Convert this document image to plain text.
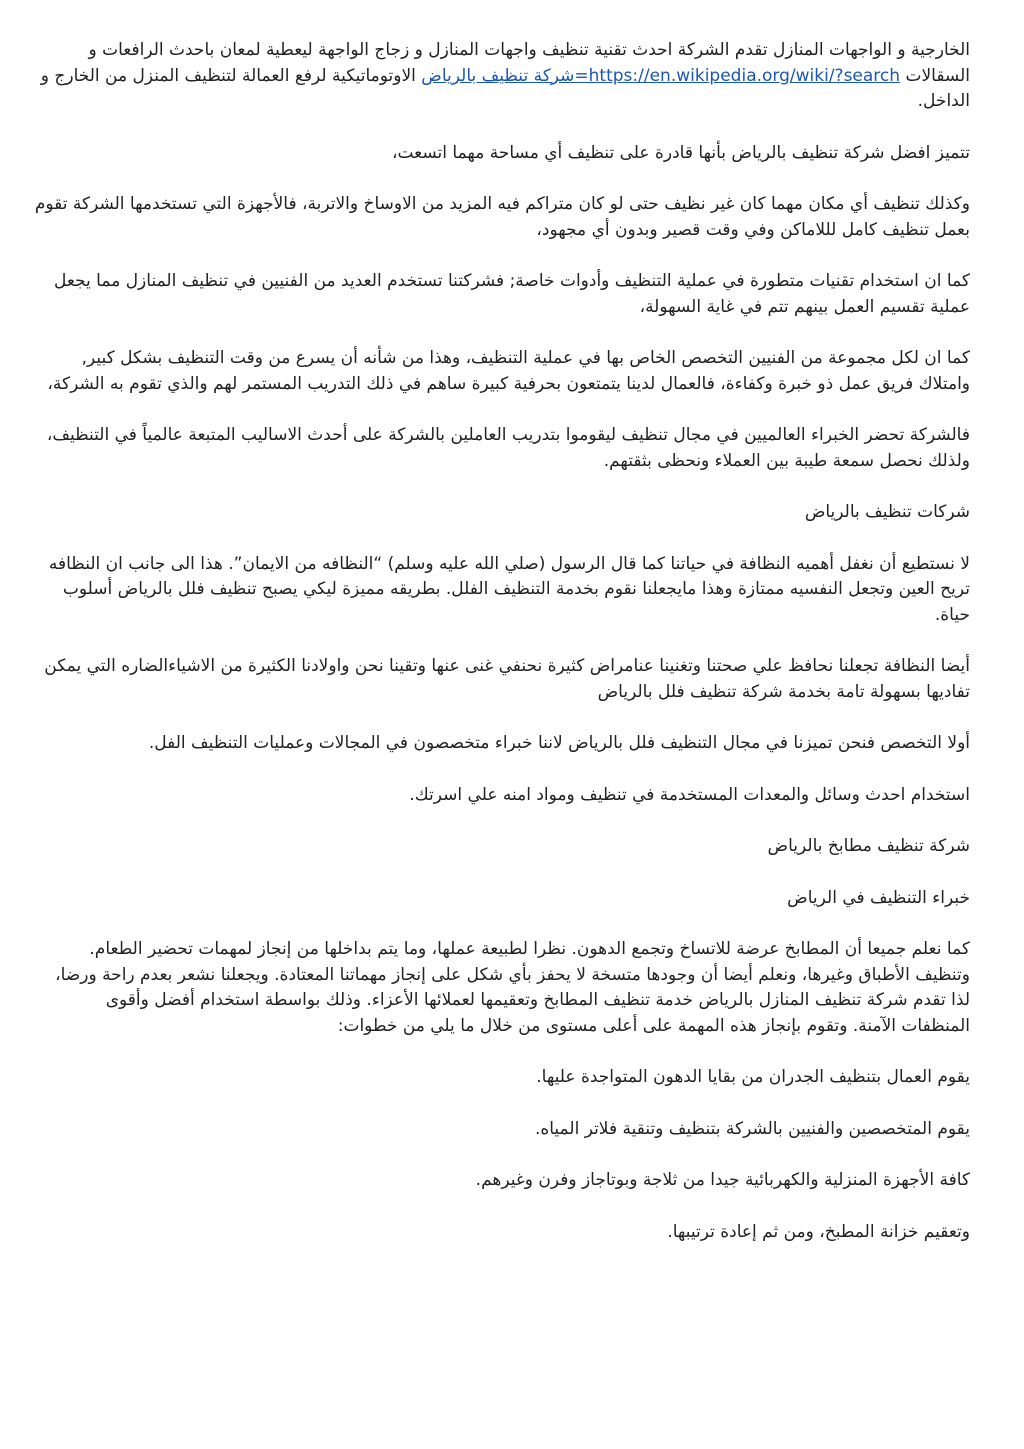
الخارجية و الواجهات المنازل تقدم الشركة احدث تقنية تنظيف واجهات المنازل و زجاج الواجهة ليعطية لمعان باحدث الرافعات و السقالات https://en.wikipedia.org/wiki/?search=شركة تنظيف بالرياض الاوتوماتيكية لرفع العمالة لتنظيف المنزل من الخارج و الداخل.

تتميز افضل شركة تنظيف بالرياض بأنها قادرة على تنظيف أي مساحة مهما اتسعت،

وكذلك تنظيف أي مكان مهما كان غير نظيف حتى لو كان متراكم فيه المزيد من الاوساخ والاتربة، فالأجهزة التي تستخدمها الشركة تقوم بعمل تنظيف كامل لللاماكن وفي وقت قصير وبدون أي مجهود،

كما ان استخدام تقنيات متطورة في عملية التنظيف وأدوات خاصة; فشركتنا تستخدم العديد من الفنيين في تنظيف المنازل مما يجعل عملية تقسيم العمل بينهم تتم في غاية السهولة،

كما ان لكل مجموعة من الفنيين التخصص الخاص بها في عملية التنظيف، وهذا من شأنه أن يسرع من وقت التنظيف بشكل كبير, وامتلاك فريق عمل ذو خبرة وكفاءة، فالعمال لدينا يتمتعون بحرفية كبيرة ساهم في ذلك التدريب المستمر لهم والذي تقوم به الشركة،

فالشركة تحضر الخبراء العالميين في مجال تنظيف ليقوموا بتدريب العاملين بالشركة على أحدث الاساليب المتبعة عالمياً في التنظيف، ولذلك نحصل سمعة طيبة بين العملاء ونحظى بثقتهم.

شركات تنظيف بالرياض

لا نستطيع أن نغفل أهميه النظافة في حياتنا كما قال الرسول (صلي الله عليه وسلم) “النظافه من الايمان”. هذا الى جانب ان النظافه تريح العين وتجعل النفسيه ممتازة وهذا مايجعلنا نقوم بخدمة التنظيف الفلل. بطريقه مميزة ليكي يصبح تنظيف فلل بالرياض أسلوب حياة.

أيضا النظافة تجعلنا نحافظ علي صحتنا وتغنينا عنامراض كثيرة نحنفي غنى عنها وتقينا نحن واولادنا الكثيرة من الاشياءالضاره التي يمكن تفاديها بسهولة تامة بخدمة شركة تنظيف فلل بالرياض

أولا التخصص فنحن تميزنا في مجال التنظيف فلل بالرياض لاننا خبراء متخصصون في المجالات وعمليات التنظيف الفل.

استخدام احدث وسائل والمعدات المستخدمة في تنظيف ومواد امنه علي اسرتك.

شركة تنظيف مطابخ بالرياض

خبراء التنظيف في الرياض

كما نعلم جميعا أن المطابخ عرضة للاتساخ وتجمع الدهون. نظرا لطبيعة عملها، وما يتم بداخلها من إنجاز لمهمات تحضير الطعام. وتنظيف الأطباق وغيرها، ونعلم أيضا أن وجودها متسخة لا يحفز بأي شكل على إنجاز مهماتنا المعتادة. ويجعلنا نشعر بعدم راحة ورضا، لذا تقدم شركة تنظيف المنازل بالرياض خدمة تنظيف المطابخ وتعقيمها لعملائها الأعزاء. وذلك بواسطة استخدام أفضل وأقوى المنظفات الآمنة. وتقوم بإنجاز هذه المهمة على أعلى مستوى من خلال ما يلي من خطوات:

يقوم العمال بتنظيف الجدران من بقايا الدهون المتواجدة عليها.

يقوم المتخصصين والفنيين بالشركة بتنظيف وتنقية فلاتر المياه.

كافة الأجهزة المنزلية والكهربائية جيدا من ثلاجة وبوتاجاز وفرن وغيرهم.

وتعقيم خزانة المطبخ، ومن ثم إعادة ترتيبها.
